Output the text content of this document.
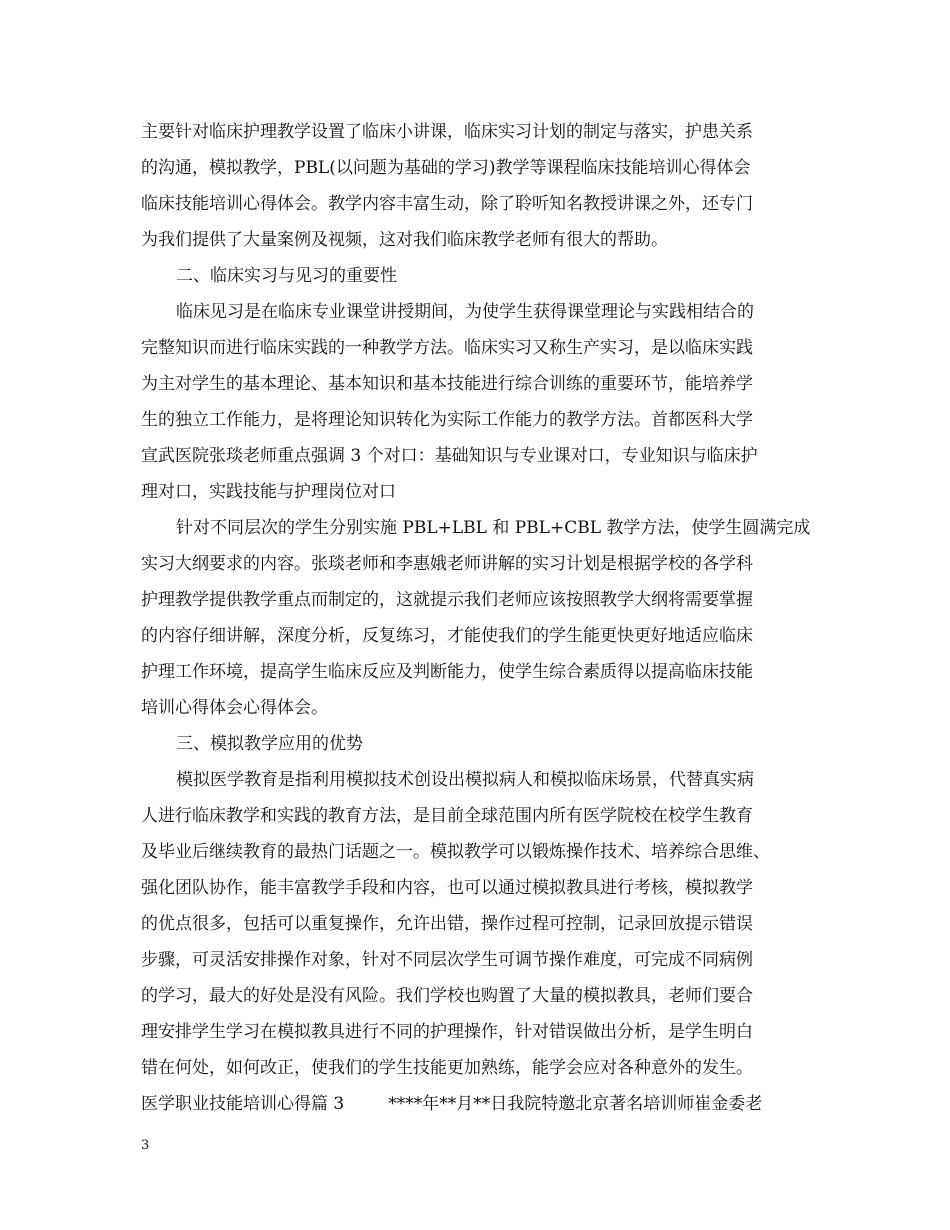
主要针对临床护理教学设置了临床小讲课，临床实习计划的制定与落实，护患关系
的沟通，模拟教学，PBL(以问题为基础的学习)教学等课程临床技能培训心得体会
临床技能培训心得体会。教学内容丰富生动，除了聆听知名教授讲课之外，还专门
为我们提供了大量案例及视频，这对我们临床教学老师有很大的帮助。
二、临床实习与见习的重要性
临床见习是在临床专业课堂讲授期间，为使学生获得课堂理论与实践相结合的
完整知识而进行临床实践的一种教学方法。临床实习又称生产实习，是以临床实践
为主对学生的基本理论、基本知识和基本技能进行综合训练的重要环节，能培养学
生的独立工作能力，是将理论知识转化为实际工作能力的教学方法。首都医科大学
宣武医院张琰老师重点强调 3 个对口：基础知识与专业课对口，专业知识与临床护
理对口，实践技能与护理岗位对口
针对不同层次的学生分别实施 PBL+LBL 和 PBL+CBL 教学方法，使学生圆满完成
实习大纲要求的内容。张琰老师和李惠娥老师讲解的实习计划是根据学校的各学科
护理教学提供教学重点而制定的，这就提示我们老师应该按照教学大纲将需要掌握
的内容仔细讲解，深度分析，反复练习，才能使我们的学生能更快更好地适应临床
护理工作环境，提高学生临床反应及判断能力，使学生综合素质得以提高临床技能
培训心得体会心得体会。
三、模拟教学应用的优势
模拟医学教育是指利用模拟技术创设出模拟病人和模拟临床场景，代替真实病
人进行临床教学和实践的教育方法，是目前全球范围内所有医学院校在校学生教育
及毕业后继续教育的最热门话题之一。模拟教学可以锻炼操作技术、培养综合思维、
强化团队协作，能丰富教学手段和内容，也可以通过模拟教具进行考核，模拟教学
的优点很多，包括可以重复操作，允许出错，操作过程可控制，记录回放提示错误
步骤，可灵活安排操作对象，针对不同层次学生可调节操作难度，可完成不同病例
的学习，最大的好处是没有风险。我们学校也购置了大量的模拟教具，老师们要合
理安排学生学习在模拟教具进行不同的护理操作，针对错误做出分析，是学生明白
错在何处，如何改正，使我们的学生技能更加熟练，能学会应对各种意外的发生。
医学职业技能培训心得篇 3	****年**月**日我院特邀北京著名培训师崔金委老
3
